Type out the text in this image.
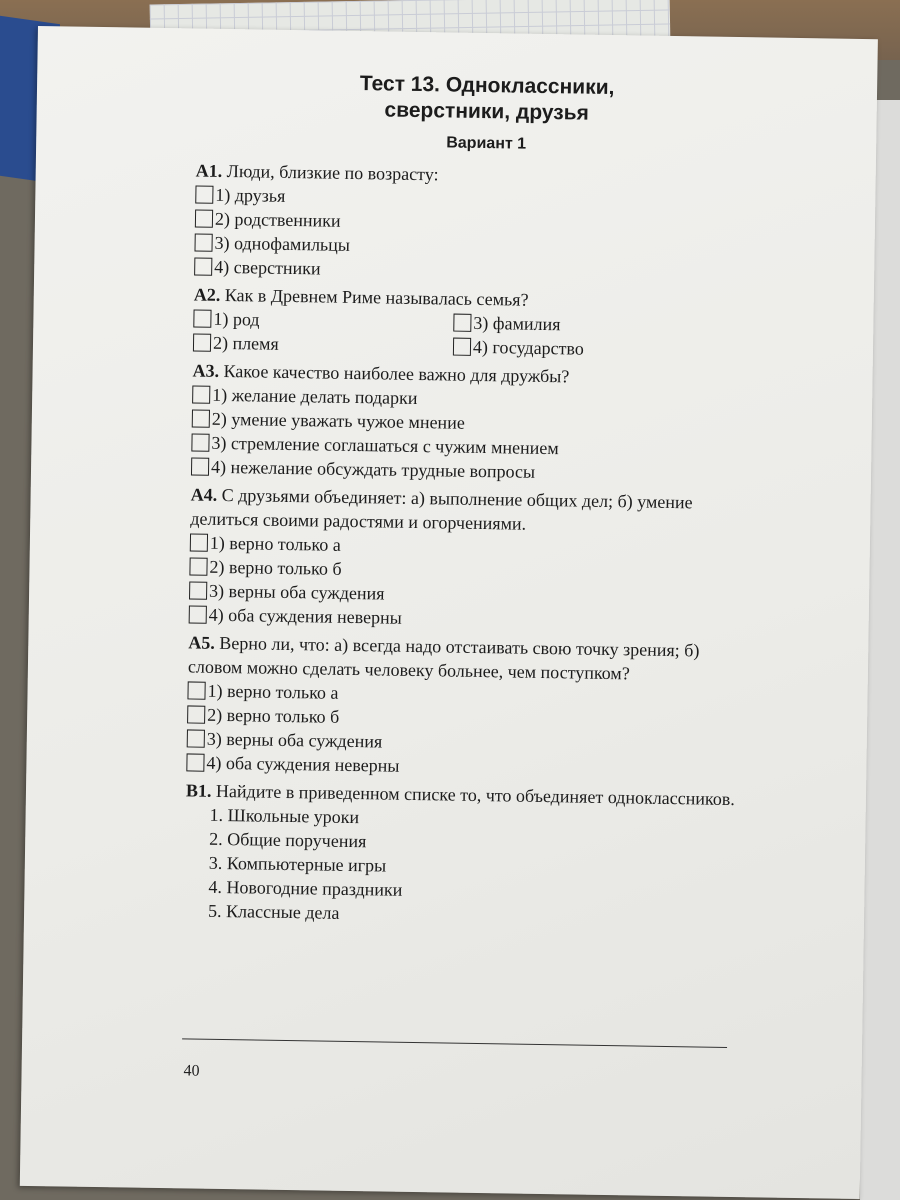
Тест 13. Одноклассники,
сверстники, друзья
Вариант 1
А1. Люди, близкие по возрасту:
1) друзья
2) родственники
3) однофамильцы
4) сверстники
А2. Как в Древнем Риме называлась семья?
1) род	3) фамилия
2) племя	4) государство
А3. Какое качество наиболее важно для дружбы?
1) желание делать подарки
2) умение уважать чужое мнение
3) стремление соглашаться с чужим мнением
4) нежелание обсуждать трудные вопросы
А4. С друзьями объединяет: а) выполнение общих дел; б) умение делиться своими радостями и огорчениями.
1) верно только а
2) верно только б
3) верны оба суждения
4) оба суждения неверны
А5. Верно ли, что: а) всегда надо отстаивать свою точку зрения; б) словом можно сделать человеку больнее, чем поступком?
1) верно только а
2) верно только б
3) верны оба суждения
4) оба суждения неверны
В1. Найдите в приведенном списке то, что объединяет одноклассников.
1. Школьные уроки
2. Общие поручения
3. Компьютерные игры
4. Новогодние праздники
5. Классные дела
40
